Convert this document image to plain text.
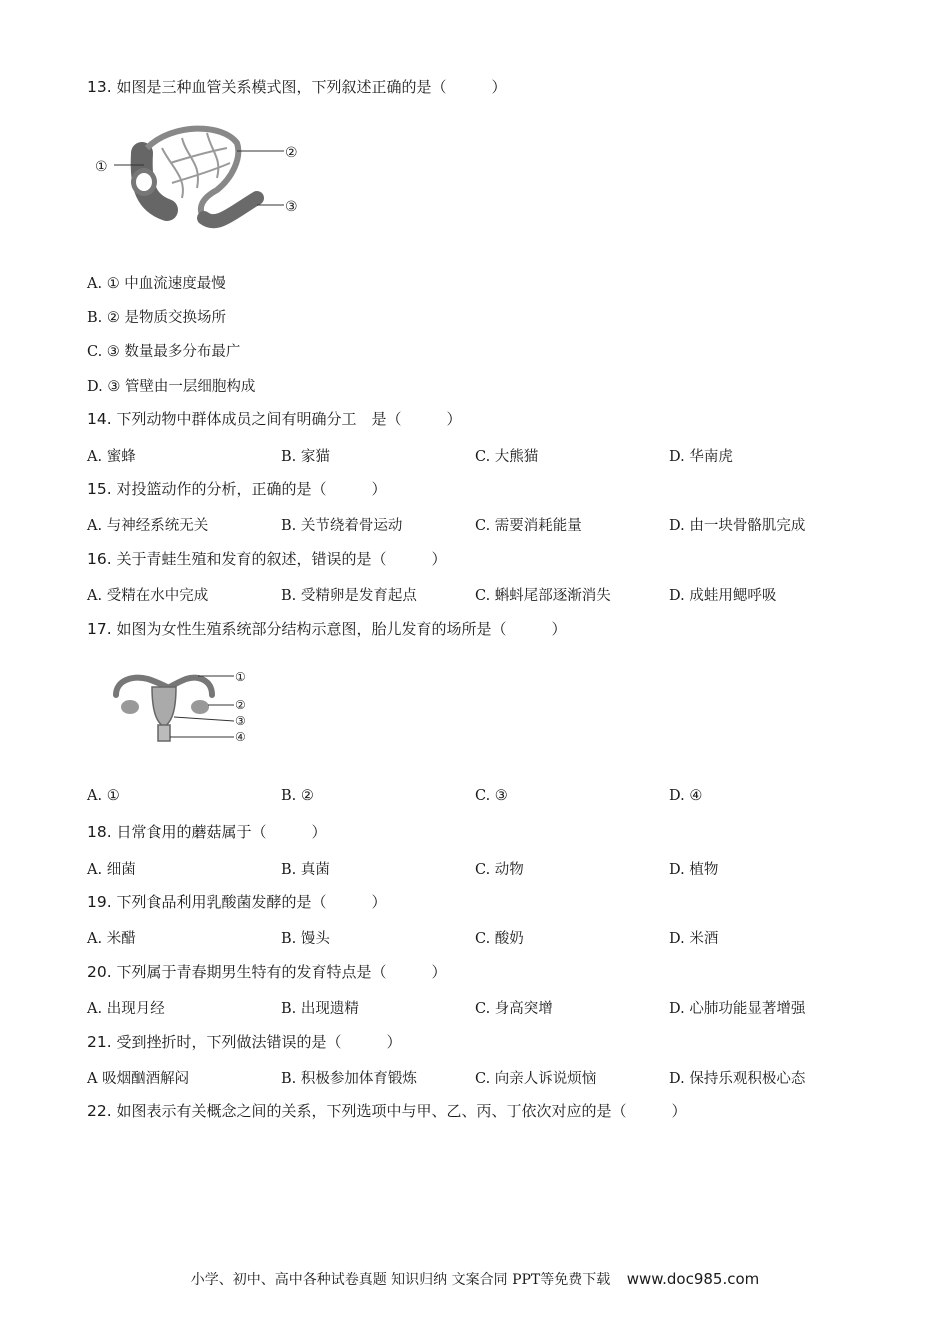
13. 如图是三种血管关系模式图，下列叙述正确的是（　　　）
①
②
③
A. ① 中血流速度最慢
B. ② 是物质交换场所
C. ③ 数量最多分布最广
D. ③ 管壁由一层细胞构成
14. 下列动物中群体成员之间有明确分工　是（　　　）
A. 蜜蜂	B. 家猫	C. 大熊猫	D. 华南虎
15. 对投篮动作的分析，正确的是（　　　）
A. 与神经系统无关	B. 关节绕着骨运动	C. 需要消耗能量	D. 由一块骨骼肌完成
16. 关于青蛙生殖和发育的叙述，错误的是（　　　）
A. 受精在水中完成	B. 受精卵是发育起点	C. 蝌蚪尾部逐渐消失	D. 成蛙用鳃呼吸
17. 如图为女性生殖系统部分结构示意图，胎儿发育的场所是（　　　）
①
②
③
④
A. ①	B. ②	C. ③	D. ④
18. 日常食用的蘑菇属于（　　　）
A. 细菌	B. 真菌	C. 动物	D. 植物
19. 下列食品利用乳酸菌发酵的是（　　　）
A. 米醋	B. 馒头	C. 酸奶	D. 米酒
20. 下列属于青春期男生特有的发育特点是（　　　）
A. 出现月经	B. 出现遗精	C. 身高突增	D. 心肺功能显著增强
21. 受到挫折时，下列做法错误的是（　　　）
A 吸烟酗酒解闷	B. 积极参加体育锻炼	C. 向亲人诉说烦恼	D. 保持乐观积极心态
22. 如图表示有关概念之间的关系，下列选项中与甲、乙、丙、丁依次对应的是（　　　）
小学、初中、高中各种试卷真题 知识归纳 文案合同 PPT等免费下载 www.doc985.com
